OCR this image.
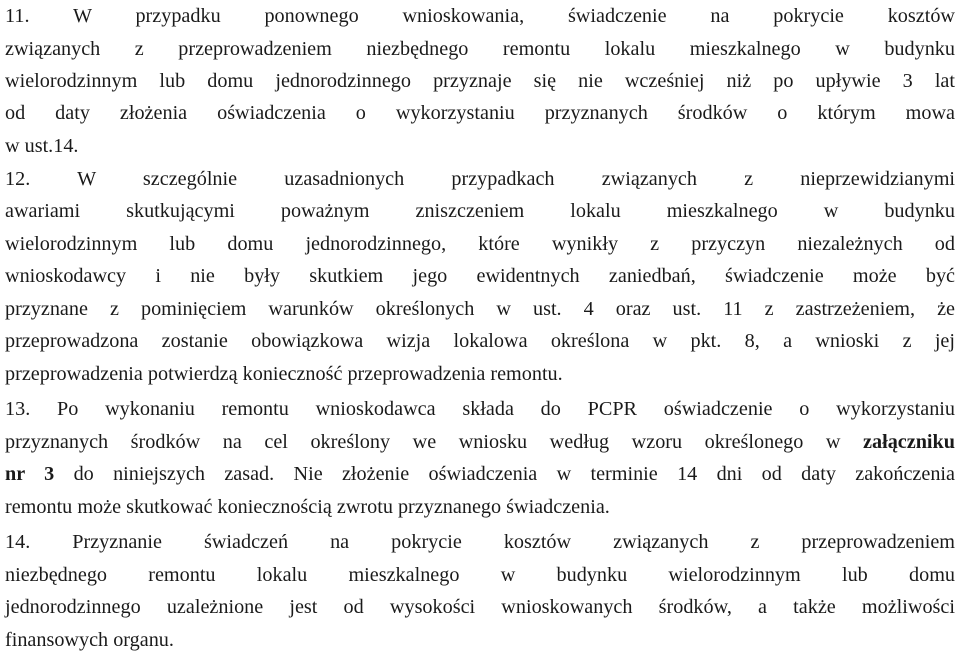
11. W przypadku ponownego wnioskowania, świadczenie na pokrycie kosztów
związanych z przeprowadzeniem niezbędnego remontu lokalu mieszkalnego w budynku
wielorodzinnym lub domu jednorodzinnego przyznaje się nie wcześniej niż po upływie 3 lat
od daty złożenia oświadczenia o wykorzystaniu przyznanych środków o którym mowa
w ust.14.
12. W szczególnie uzasadnionych przypadkach związanych z nieprzewidzianymi
awariami skutkującymi poważnym zniszczeniem lokalu mieszkalnego w budynku
wielorodzinnym lub domu jednorodzinnego, które wynikły z przyczyn niezależnych od
wnioskodawcy i nie były skutkiem jego ewidentnych zaniedbań, świadczenie może być
przyznane z pominięciem warunków określonych w ust. 4 oraz ust. 11 z zastrzeżeniem, że
przeprowadzona zostanie obowiązkowa wizja lokalowa określona w pkt. 8, a wnioski z jej
przeprowadzenia potwierdzą konieczność przeprowadzenia remontu.
13. Po wykonaniu remontu wnioskodawca składa do PCPR oświadczenie o wykorzystaniu
przyznanych środków na cel określony we wniosku według wzoru określonego w załączniku
nr 3 do niniejszych zasad. Nie złożenie oświadczenia w terminie 14 dni od daty zakończenia
remontu może skutkować koniecznością zwrotu przyznanego świadczenia.
14. Przyznanie świadczeń na pokrycie kosztów związanych z przeprowadzeniem
niezbędnego remontu lokalu mieszkalnego w budynku wielorodzinnym lub domu
jednorodzinnego uzależnione jest od wysokości wnioskowanych środków, a także możliwości
finansowych organu.
